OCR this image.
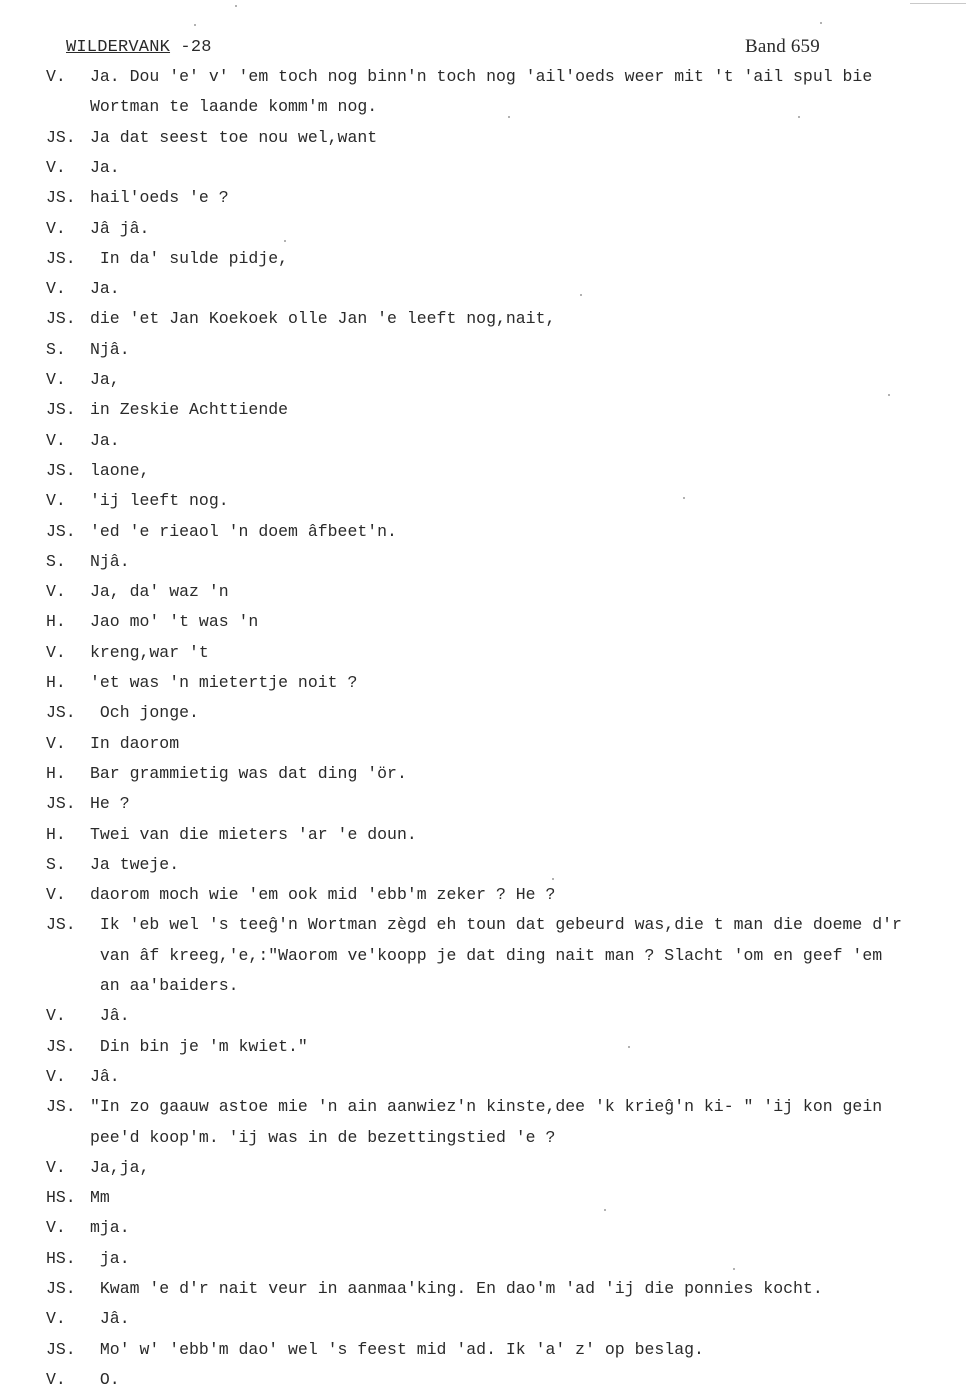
WILDERVANK -28	Band 659
V. Ja. Dou 'e' v' 'em toch nog binn'n toch nog 'ail'oeds weer mit 't 'ail spul bie
Wortman te laande komm'm nog.
JS. Ja dat seest toe nou wel,want
V. Ja.
JS. hail'oeds 'e ?
V. Jâ jâ.
JS. In da' sulde pidje,
V. Ja.
JS. die 'et Jan Koekoek olle Jan 'e leeft nog,nait,
S. Njâ.
V. Ja,
JS. in Zeskie Achttiende
V. Ja.
JS. laone,
V. 'ij leeft nog.
JS. 'ed 'e rieaol 'n doem âfbeet'n.
S. Njâ.
V. Ja, da' waz 'n
H. Jao mo' 't was 'n
V. kreng,war 't
H. 'et was 'n mietertje noit ?
JS. Och jonge.
V. In daorom
H. Bar grammietig was dat ding 'ör.
JS. He ?
H. Twei van die mieters 'ar 'e doun.
S. Ja tweje.
V. daorom moch wie 'em ook mid 'ebb'm zeker ? He ?
JS. Ik 'eb wel 's teeĝ'n Wortman zègd eh toun dat gebeurd was,die t man die doeme d'r
van âf kreeg,'e,:"Waorom ve'koopp je dat ding nait man ? Slacht 'om en geef 'em
an aa'baiders.
V. Jâ.
JS. Din bin je 'm kwiet."
V. Jâ.
JS. "In zo gaauw astoe mie 'n ain aanwiez'n kinste,dee 'k krieĝ'n ki- " 'ij kon gein
pee'd koop'm. 'ij was in de bezettingstied 'e ?
V. Ja,ja,
HS. Mm
V. mja.
HS. ja.
JS. Kwam 'e d'r nait veur in aanmaa'king. En dao'm 'ad 'ij die ponnies kocht.
V. Jâ.
JS. Mo' w' 'ebb'm dao' wel 's feest mid 'ad. Ik 'a' z' op beslag.
V. O.
